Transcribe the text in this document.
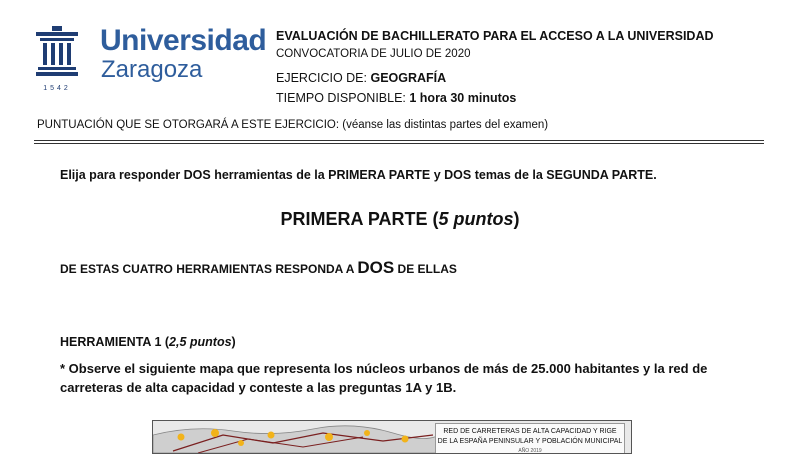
1542
Universidad
Zaragoza
EVALUACIÓN DE BACHILLERATO PARA EL ACCESO A LA UNIVERSIDAD
CONVOCATORIA DE JULIO DE 2020
EJERCICIO DE: GEOGRAFÍA
TIEMPO DISPONIBLE: 1 hora 30 minutos
PUNTUACIÓN QUE SE OTORGARÁ A ESTE EJERCICIO: (véanse las distintas partes del examen)
Elija para responder DOS herramientas de la PRIMERA PARTE y DOS temas de la SEGUNDA PARTE.
PRIMERA PARTE (5 puntos)
DE ESTAS CUATRO HERRAMIENTAS RESPONDA A DOS DE ELLAS
HERRAMIENTA 1 (2,5 puntos)
* Observe el siguiente mapa que representa los núcleos urbanos de más de 25.000 habitantes y la red de carreteras de alta capacidad y conteste a las preguntas 1A y 1B.
RED DE CARRETERAS DE ALTA CAPACIDAD Y RIGE
DE LA ESPAÑA PENINSULAR Y POBLACIÓN MUNICIPAL
AÑO 2019
